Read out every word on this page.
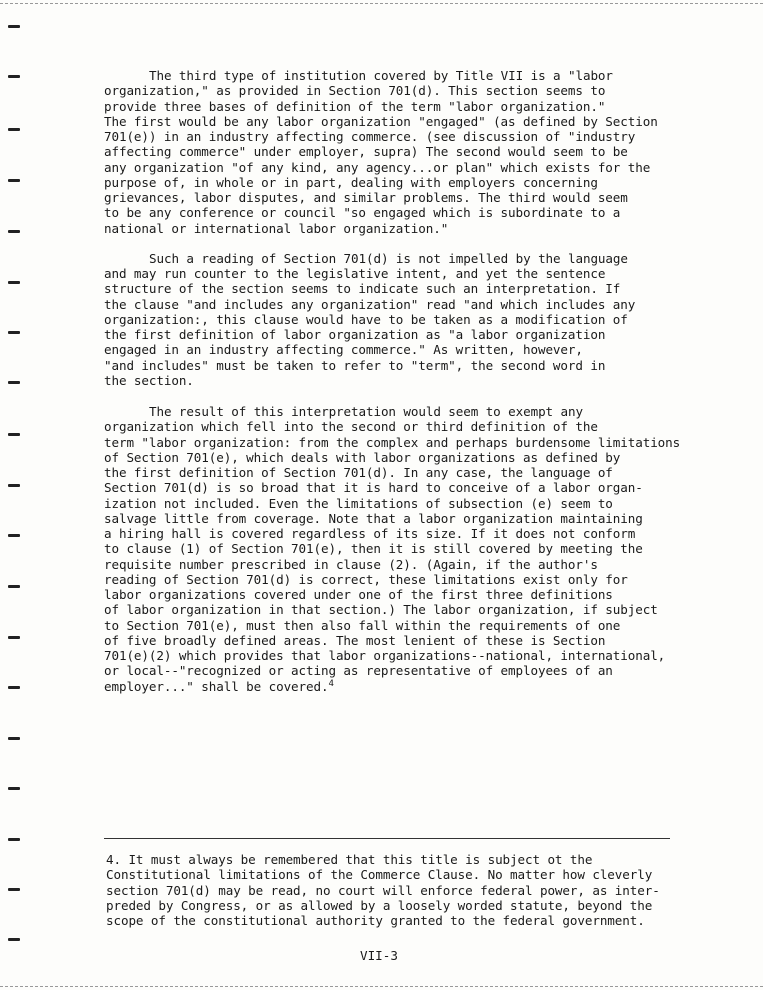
The third type of institution covered by Title VII is a "labor
organization," as provided in Section 701(d). This section seems to
provide three bases of definition of the term "labor organization."
The first would be any labor organization "engaged" (as defined by Section
701(e)) in an industry affecting commerce. (see discussion of "industry
affecting commerce" under employer, supra) The second would seem to be
any organization "of any kind, any agency...or plan" which exists for the
purpose of, in whole or in part, dealing with employers concerning
grievances, labor disputes, and similar problems. The third would seem
to be any conference or council "so engaged which is subordinate to a
national or international labor organization."

Such a reading of Section 701(d) is not impelled by the language
and may run counter to the legislative intent, and yet the sentence
structure of the section seems to indicate such an interpretation. If
the clause "and includes any organization" read "and which includes any
organization:, this clause would have to be taken as a modification of
the first definition of labor organization as "a labor organization
engaged in an industry affecting commerce." As written, however,
"and includes" must be taken to refer to "term", the second word in
the section.

The result of this interpretation would seem to exempt any
organization which fell into the second or third definition of the
term "labor organization: from the complex and perhaps burdensome limitations
of Section 701(e), which deals with labor organizations as defined by
the first definition of Section 701(d). In any case, the language of
Section 701(d) is so broad that it is hard to conceive of a labor organ-
ization not included. Even the limitations of subsection (e) seem to
salvage little from coverage. Note that a labor organization maintaining
a hiring hall is covered regardless of its size. If it does not conform
to clause (1) of Section 701(e), then it is still covered by meeting the
requisite number prescribed in clause (2). (Again, if the author's
reading of Section 701(d) is correct, these limitations exist only for
labor organizations covered under one of the first three definitions
of labor organization in that section.) The labor organization, if subject
to Section 701(e), must then also fall within the requirements of one
of five broadly defined areas. The most lenient of these is Section
701(e)(2) which provides that labor organizations--national, international,
or local--"recognized or acting as representative of employees of an
employer..." shall be covered.$^4$

4. It must always be remembered that this title is subject ot the
Constitutional limitations of the Commerce Clause. No matter how cleverly
section 701(d) may be read, no court will enforce federal power, as inter-
preded by Congress, or as allowed by a loosely worded statute, beyond the
scope of the constitutional authority granted to the federal government.

VII-3
